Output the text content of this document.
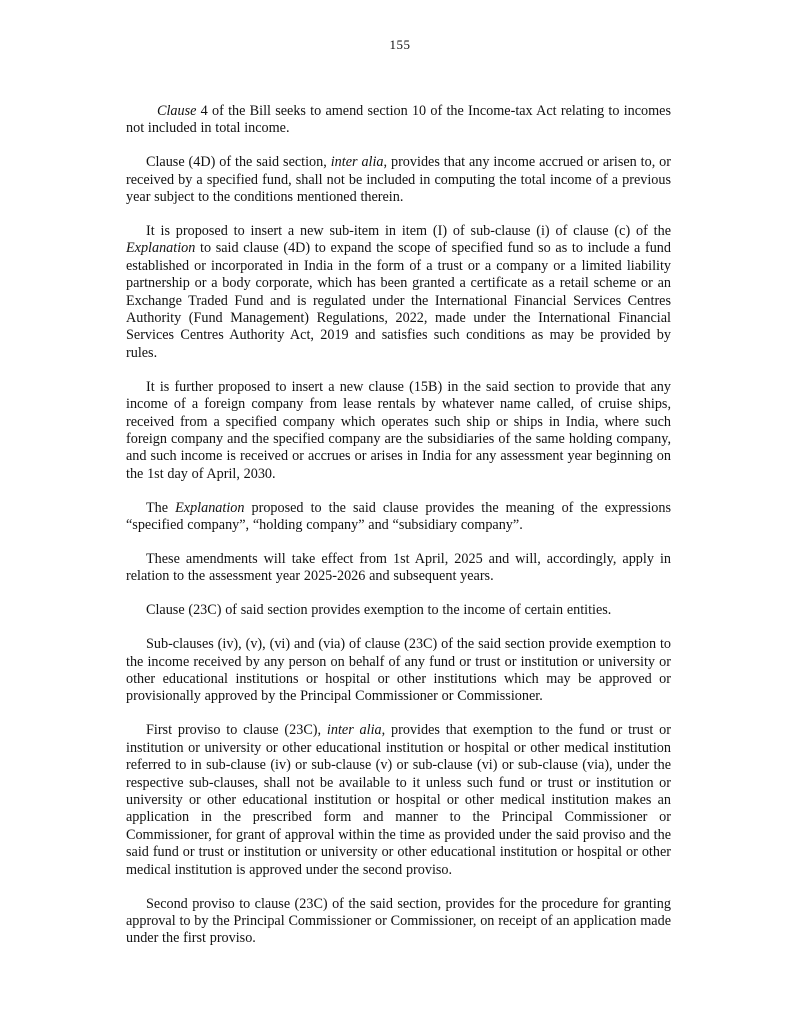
155

Clause 4 of the Bill seeks to amend section 10 of the Income-tax Act relating to incomes not included in total income.

Clause (4D) of the said section, inter alia, provides that any income accrued or arisen to, or received by a specified fund, shall not be included in computing the total income of a previous year subject to the conditions mentioned therein.

It is proposed to insert a new sub-item in item (I) of sub-clause (i) of clause (c) of the Explanation to said clause (4D) to expand the scope of specified fund so as to include a fund established or incorporated in India in the form of a trust or a company or a limited liability partnership or a body corporate, which has been granted a certificate as a retail scheme or an Exchange Traded Fund and is regulated under the International Financial Services Centres Authority (Fund Management) Regulations, 2022, made under the International Financial Services Centres Authority Act, 2019 and satisfies such conditions as may be provided by rules.

It is further proposed to insert a new clause (15B) in the said section to provide that any income of a foreign company from lease rentals by whatever name called, of cruise ships, received from a specified company which operates such ship or ships in India, where such foreign company and the specified company are the subsidiaries of the same holding company, and such income is received or accrues or arises in India for any assessment year beginning on the 1st day of April, 2030.

The Explanation proposed to the said clause provides the meaning of the expressions “specified company”, “holding company” and “subsidiary company”.

These amendments will take effect from 1st April, 2025 and will, accordingly, apply in relation to the assessment year 2025-2026 and subsequent years.

Clause (23C) of said section provides exemption to the income of certain entities.

Sub-clauses (iv), (v), (vi) and (via) of clause (23C) of the said section provide exemption to the income received by any person on behalf of any fund or trust or institution or university or other educational institutions or hospital or other institutions which may be approved or provisionally approved by the Principal Commissioner or Commissioner.

First proviso to clause (23C), inter alia, provides that exemption to the fund or trust or institution or university or other educational institution or hospital or other medical institution referred to in sub-clause (iv) or sub-clause (v) or sub-clause (vi) or sub-clause (via), under the respective sub-clauses, shall not be available to it unless such fund or trust or institution or university or other educational institution or hospital or other medical institution makes an application in the prescribed form and manner to the Principal Commissioner or Commissioner, for grant of approval within the time as provided under the said proviso and the said fund or trust or institution or university or other educational institution or hospital or other medical institution is approved under the second proviso.

Second proviso to clause (23C) of the said section, provides for the procedure for granting approval to by the Principal Commissioner or Commissioner, on receipt of an application made under the first proviso.
